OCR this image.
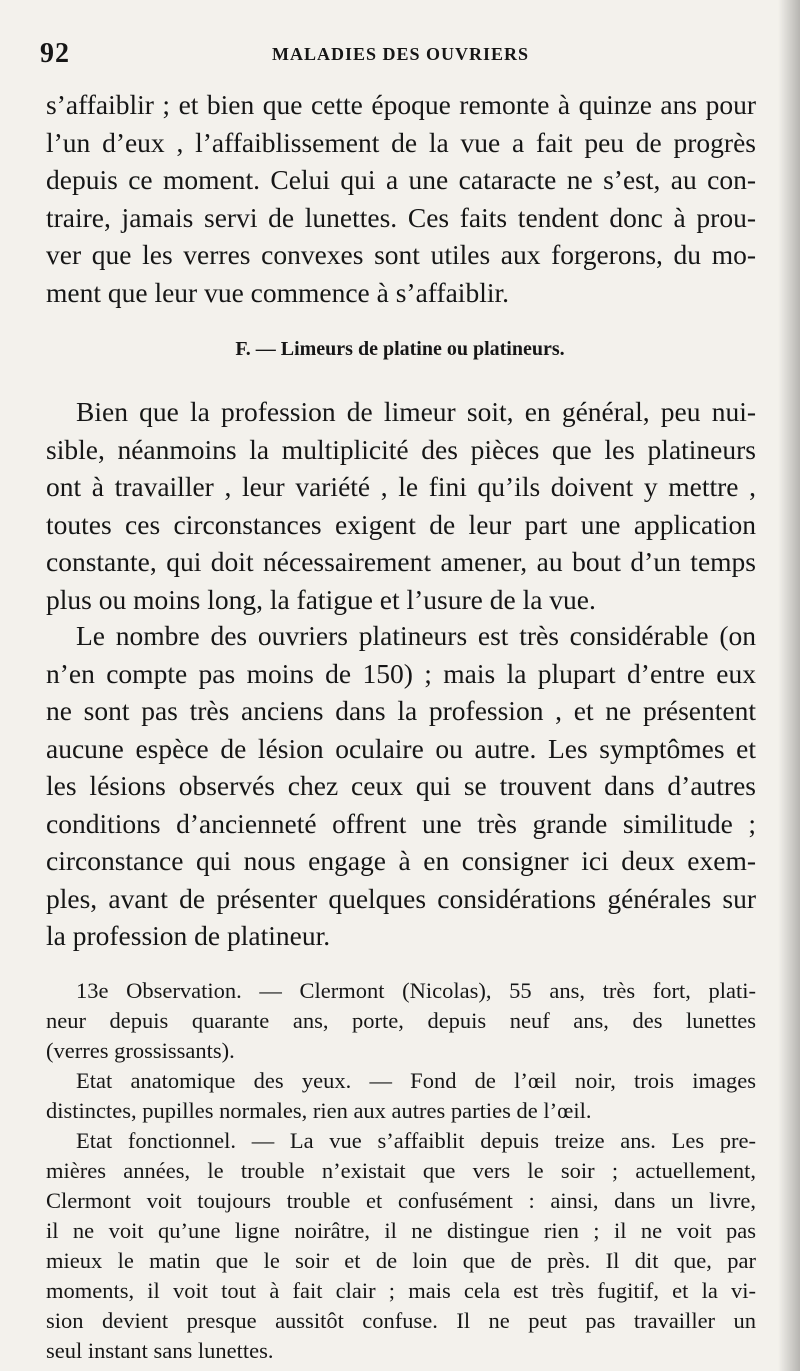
92	MALADIES DES OUVRIERS
s’affaiblir ; et bien que cette époque remonte à quinze ans pour
l’un d’eux , l’affaiblissement de la vue a fait peu de progrès
depuis ce moment. Celui qui a une cataracte ne s’est, au con-
traire, jamais servi de lunettes. Ces faits tendent donc à prou-
ver que les verres convexes sont utiles aux forgerons, du mo-
ment que leur vue commence à s’affaiblir.
F. — Limeurs de platine ou platineurs.
Bien que la profession de limeur soit, en général, peu nui-
sible, néanmoins la multiplicité des pièces que les platineurs
ont à travailler , leur variété , le fini qu’ils doivent y mettre ,
toutes ces circonstances exigent de leur part une application
constante, qui doit nécessairement amener, au bout d’un temps
plus ou moins long, la fatigue et l’usure de la vue.
Le nombre des ouvriers platineurs est très considérable (on
n’en compte pas moins de 150) ; mais la plupart d’entre eux
ne sont pas très anciens dans la profession , et ne présentent
aucune espèce de lésion oculaire ou autre. Les symptômes et
les lésions observés chez ceux qui se trouvent dans d’autres
conditions d’ancienneté offrent une très grande similitude ;
circonstance qui nous engage à en consigner ici deux exem-
ples, avant de présenter quelques considérations générales sur
la profession de platineur.
13e Observation. — Clermont (Nicolas), 55 ans, très fort, plati-
neur depuis quarante ans, porte, depuis neuf ans, des lunettes
(verres grossissants).
Etat anatomique des yeux. — Fond de l’œil noir, trois images
distinctes, pupilles normales, rien aux autres parties de l’œil.
Etat fonctionnel. — La vue s’affaiblit depuis treize ans. Les pre-
mières années, le trouble n’existait que vers le soir ; actuellement,
Clermont voit toujours trouble et confusément : ainsi, dans un livre,
il ne voit qu’une ligne noirâtre, il ne distingue rien ; il ne voit pas
mieux le matin que le soir et de loin que de près. Il dit que, par
moments, il voit tout à fait clair ; mais cela est très fugitif, et la vi-
sion devient presque aussitôt confuse. Il ne peut pas travailler un
seul instant sans lunettes.
